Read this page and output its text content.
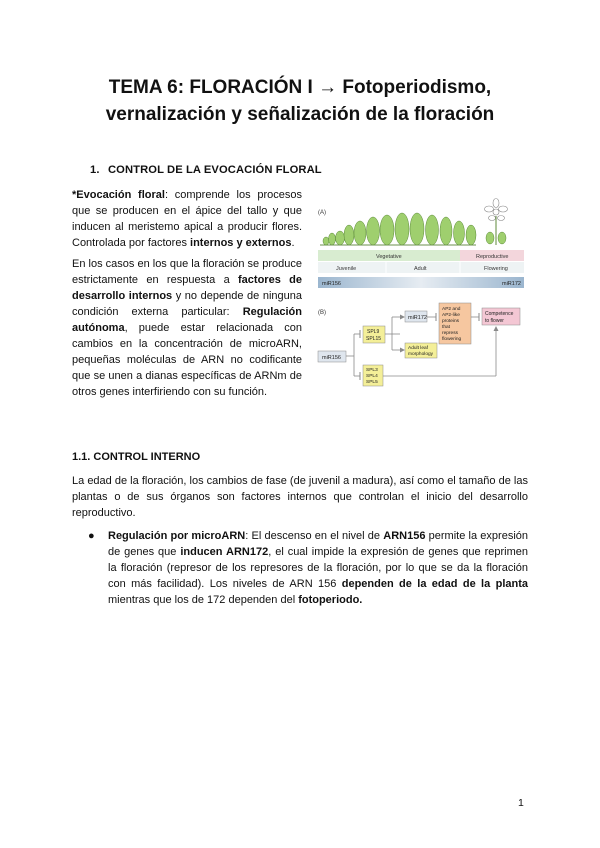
TEMA 6: FLORACIÓN I → Fotoperiodismo,
vernalización y señalización de la floración
1. CONTROL DE LA EVOCACIÓN FLORAL
*Evocación floral: comprende los procesos que se producen en el ápice del tallo y que inducen al meristemo apical a producir flores. Controlada por factores internos y externos.
En los casos en los que la floración se produce estrictamente en respuesta a factores de desarrollo internos y no depende de ninguna condición externa particular: Regulación autónoma, puede estar relacionada con cambios en la concentración de microARN, pequeñas moléculas de ARN no codificante que se unen a dianas específicas de ARNm de otros genes interfiriendo con su función.
(A)
Vegetative	Reproductive
Juvenile	Adult	Flowering
miR156	miR172
(B)
miR156
SPL9
SPL15
miR172
AP2 and
AP2-like
proteins
that
repress
flowering
Competence
to flower
Adult leaf
morphology
SPL3
SPL4
SPL5
1.1. CONTROL INTERNO
La edad de la floración, los cambios de fase (de juvenil a madura), así como el tamaño de las plantas o de sus órganos son factores internos que controlan el inicio del desarrollo reproductivo.
● Regulación por microARN: El descenso en el nivel de ARN156 permite la expresión de genes que inducen ARN172, el cual impide la expresión de genes que reprimen la floración (represor de los represores de la floración, por lo que se da la floración con más facilidad). Los niveles de ARN 156 dependen de la edad de la planta mientras que los de 172 dependen del fotoperiodo.
1
